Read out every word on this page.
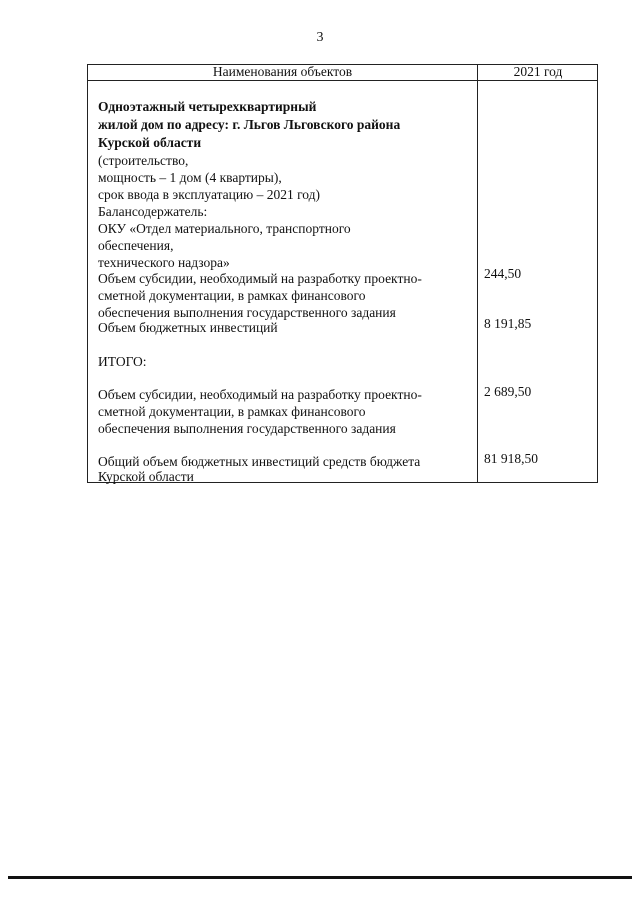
3
Наименования объектов	2021 год
Одноэтажный четырехквартирный
жилой дом по адресу: г. Льгов Льговского района
Курской области
(строительство,
мощность – 1 дом (4 квартиры),
срок ввода в эксплуатацию – 2021 год)
Балансодержатель:
ОКУ «Отдел материального, транспортного
обеспечения,
технического надзора»
Объем субсидии, необходимый на разработку проектно-
сметной документации, в рамках финансового
обеспечения выполнения государственного задания
244,50
Объем бюджетных инвестиций	8 191,85
ИТОГО:
Объем субсидии, необходимый на разработку проектно-
сметной документации, в рамках финансового
обеспечения выполнения государственного задания
2 689,50
Общий объем бюджетных инвестиций средств бюджета
Курской области
81 918,50
